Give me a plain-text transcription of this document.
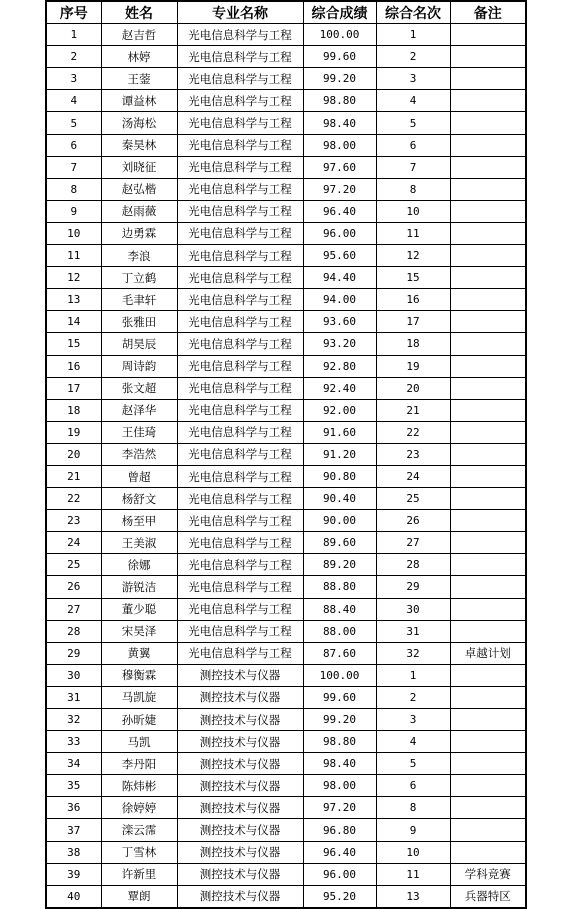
序号	姓名	专业名称	综合成绩	综合名次	备注
1	赵吉哲	光电信息科学与工程	100.00	1	
2	林婷	光电信息科学与工程	99.60	2	
3	王蓥	光电信息科学与工程	99.20	3	
4	谭益林	光电信息科学与工程	98.80	4	
5	汤海松	光电信息科学与工程	98.40	5	
6	秦昊林	光电信息科学与工程	98.00	6	
7	刘晓征	光电信息科学与工程	97.60	7	
8	赵弘楷	光电信息科学与工程	97.20	8	
9	赵雨薇	光电信息科学与工程	96.40	10	
10	边勇霖	光电信息科学与工程	96.00	11	
11	李浪	光电信息科学与工程	95.60	12	
12	丁立鹤	光电信息科学与工程	94.40	15	
13	毛聿轩	光电信息科学与工程	94.00	16	
14	张雅田	光电信息科学与工程	93.60	17	
15	胡昊辰	光电信息科学与工程	93.20	18	
16	周诗韵	光电信息科学与工程	92.80	19	
17	张文超	光电信息科学与工程	92.40	20	
18	赵泽华	光电信息科学与工程	92.00	21	
19	王佳琦	光电信息科学与工程	91.60	22	
20	李浩然	光电信息科学与工程	91.20	23	
21	曾超	光电信息科学与工程	90.80	24	
22	杨舒文	光电信息科学与工程	90.40	25	
23	杨至甲	光电信息科学与工程	90.00	26	
24	王美淑	光电信息科学与工程	89.60	27	
25	徐娜	光电信息科学与工程	89.20	28	
26	游锐洁	光电信息科学与工程	88.80	29	
27	董少聪	光电信息科学与工程	88.40	30	
28	宋昊泽	光电信息科学与工程	88.00	31	
29	黄翼	光电信息科学与工程	87.60	32	卓越计划
30	穆衡霖	测控技术与仪器	100.00	1	
31	马凯旋	测控技术与仪器	99.60	2	
32	孙昕婕	测控技术与仪器	99.20	3	
33	马凯	测控技术与仪器	98.80	4	
34	李丹阳	测控技术与仪器	98.40	5	
35	陈炜彬	测控技术与仪器	98.00	6	
36	徐婷婷	测控技术与仪器	97.20	8	
37	滦云霈	测控技术与仪器	96.80	9	
38	丁雪林	测控技术与仪器	96.40	10	
39	许新里	测控技术与仪器	96.00	11	学科竞赛
40	覃朗	测控技术与仪器	95.20	13	兵器特区
